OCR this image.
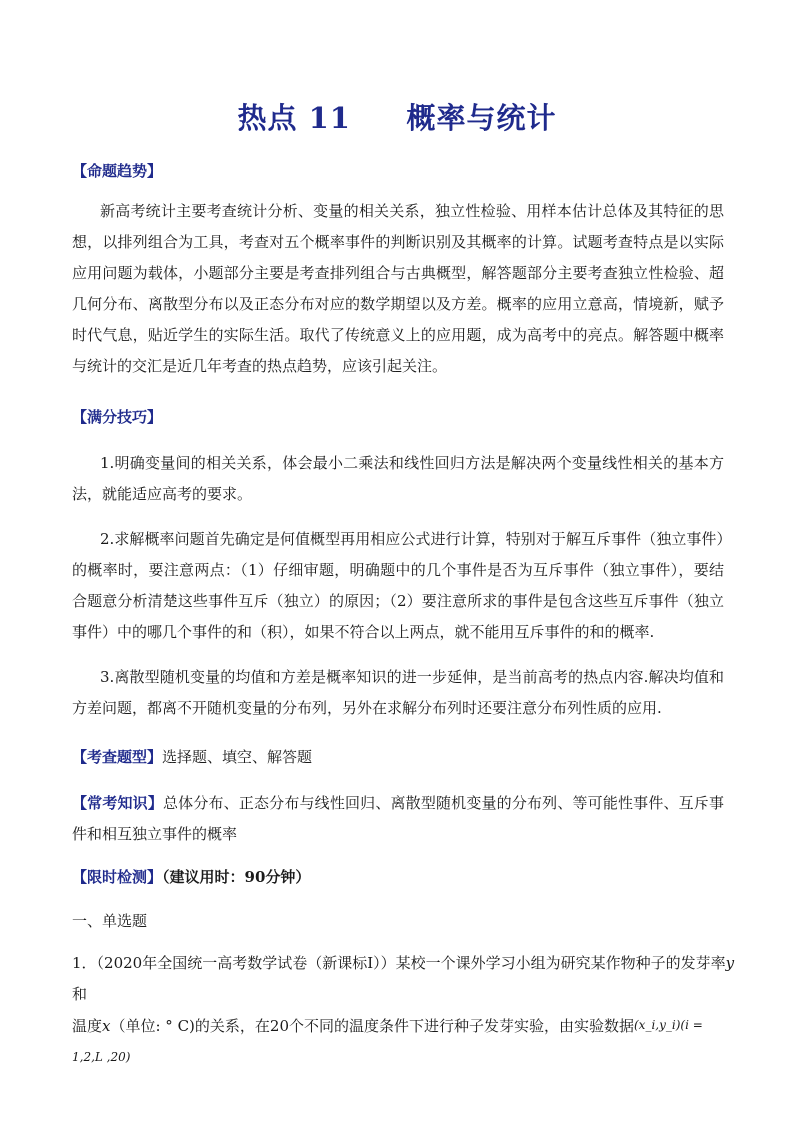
热点 11     概率与统计
【命题趋势】
新高考统计主要考查统计分析、变量的相关关系，独立性检验、用样本估计总体及其特征的思想，以排列组合为工具，考查对五个概率事件的判断识别及其概率的计算。试题考查特点是以实际应用问题为载体，小题部分主要是考查排列组合与古典概型，解答题部分主要考查独立性检验、超几何分布、离散型分布以及正态分布对应的数学期望以及方差。概率的应用立意高，情境新，赋予时代气息，贴近学生的实际生活。取代了传统意义上的应用题，成为高考中的亮点。解答题中概率与统计的交汇是近几年考查的热点趋势，应该引起关注。
【满分技巧】
1.明确变量间的相关关系，体会最小二乘法和线性回归方法是解决两个变量线性相关的基本方法，就能适应高考的要求。
2.求解概率问题首先确定是何值概型再用相应公式进行计算，特别对于解互斥事件（独立事件）的概率时，要注意两点：（1）仔细审题，明确题中的几个事件是否为互斥事件（独立事件），要结合题意分析清楚这些事件互斥（独立）的原因；（2）要注意所求的事件是包含这些互斥事件（独立事件）中的哪几个事件的和（积），如果不符合以上两点，就不能用互斥事件的和的概率.
3.离散型随机变量的均值和方差是概率知识的进一步延伸，是当前高考的热点内容.解决均值和方差问题，都离不开随机变量的分布列，另外在求解分布列时还要注意分布列性质的应用.
【考查题型】选择题、填空、解答题
【常考知识】总体分布、正态分布与线性回归、离散型随机变量的分布列、等可能性事件、互斥事件和相互独立事件的概率
【限时检测】（建议用时：90分钟）
一、单选题
1．（2020年全国统一高考数学试卷（新课标Ⅰ））某校一个课外学习小组为研究某作物种子的发芽率y和
温度x（单位: ° C)的关系，在20个不同的温度条件下进行种子发芽实验，由实验数据(x_i,y_i)(i = 1,2,L ,20)
